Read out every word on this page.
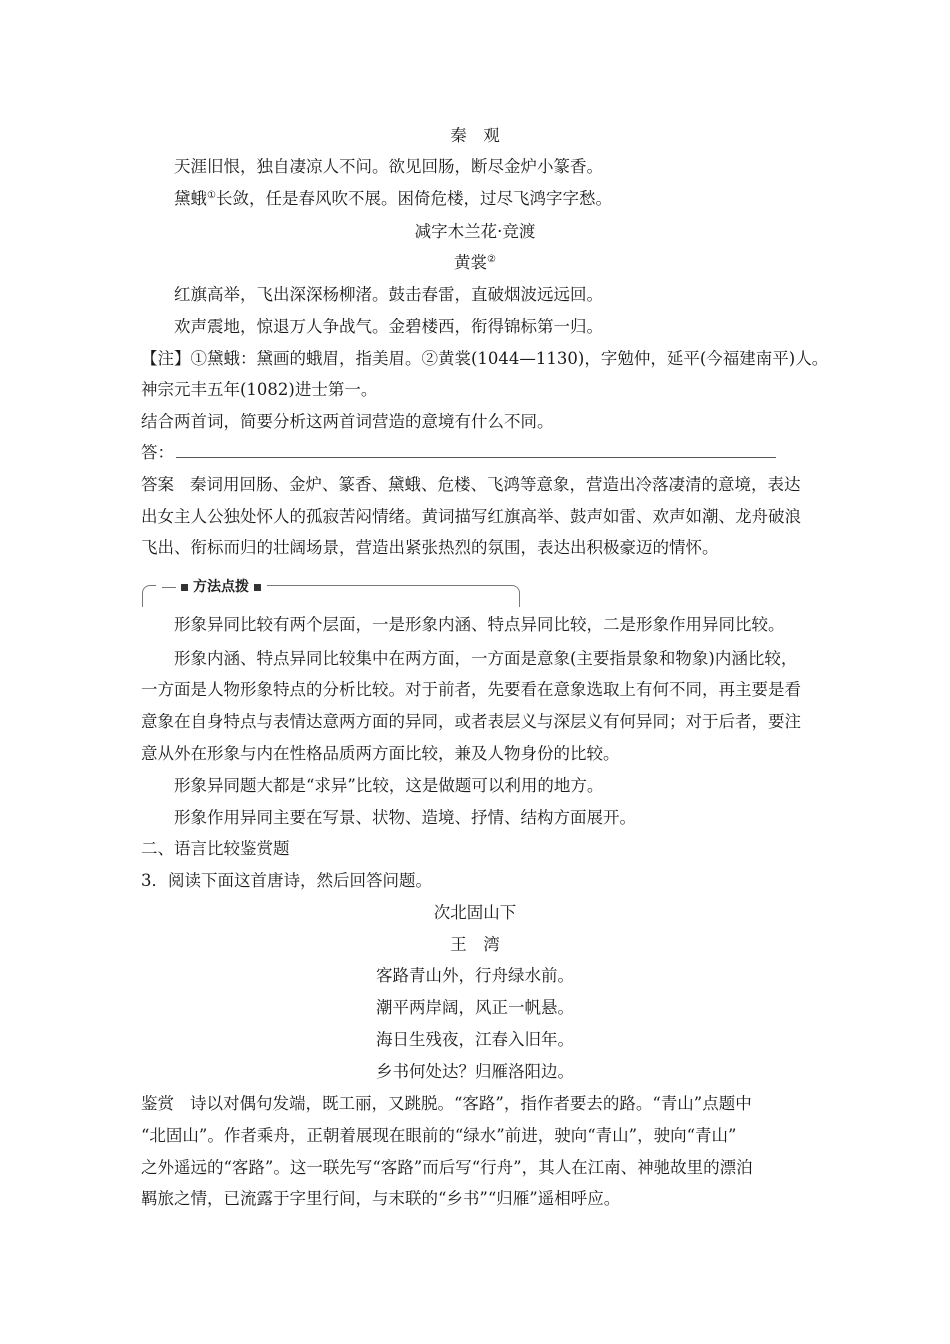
秦　观
天涯旧恨，独自凄凉人不问。欲见回肠，断尽金炉小篆香。
黛蛾①长敛，任是春风吹不展。困倚危楼，过尽飞鸿字字愁。
减字木兰花·竞渡
黄裳②
红旗高举，飞出深深杨柳渚。鼓击春雷，直破烟波远远回。
欢声震地，惊退万人争战气。金碧楼西，衔得锦标第一归。
【注】①黛蛾：黛画的蛾眉，指美眉。②黄裳(1044—1130)，字勉仲，延平(今福建南平)人。
神宗元丰五年(1082)进士第一。
结合两首词，简要分析这两首词营造的意境有什么不同。
答：
答案 秦词用回肠、金炉、篆香、黛蛾、危楼、飞鸿等意象，营造出冷落凄清的意境，表达
出女主人公独处怀人的孤寂苦闷情绪。黄词描写红旗高举、鼓声如雷、欢声如潮、龙舟破浪
飞出、衔标而归的壮阔场景，营造出紧张热烈的氛围，表达出积极豪迈的情怀。
方法点拨
形象异同比较有两个层面，一是形象内涵、特点异同比较，二是形象作用异同比较。
形象内涵、特点异同比较集中在两方面，一方面是意象(主要指景象和物象)内涵比较，
一方面是人物形象特点的分析比较。对于前者，先要看在意象选取上有何不同，再主要是看
意象在自身特点与表情达意两方面的异同，或者表层义与深层义有何异同；对于后者，要注
意从外在形象与内在性格品质两方面比较，兼及人物身份的比较。
形象异同题大都是“求异”比较，这是做题可以利用的地方。
形象作用异同主要在写景、状物、造境、抒情、结构方面展开。
二、语言比较鉴赏题
3．阅读下面这首唐诗，然后回答问题。
次北固山下
王　湾
客路青山外，行舟绿水前。
潮平两岸阔，风正一帆悬。
海日生残夜，江春入旧年。
乡书何处达？归雁洛阳边。
鉴赏 诗以对偶句发端，既工丽，又跳脱。“客路”，指作者要去的路。“青山”点题中
“北固山”。作者乘舟，正朝着展现在眼前的“绿水”前进，驶向“青山”，驶向“青山”
之外遥远的“客路”。这一联先写“客路”而后写“行舟”，其人在江南、神驰故里的漂泊
羁旅之情，已流露于字里行间，与末联的“乡书”“归雁”遥相呼应。
